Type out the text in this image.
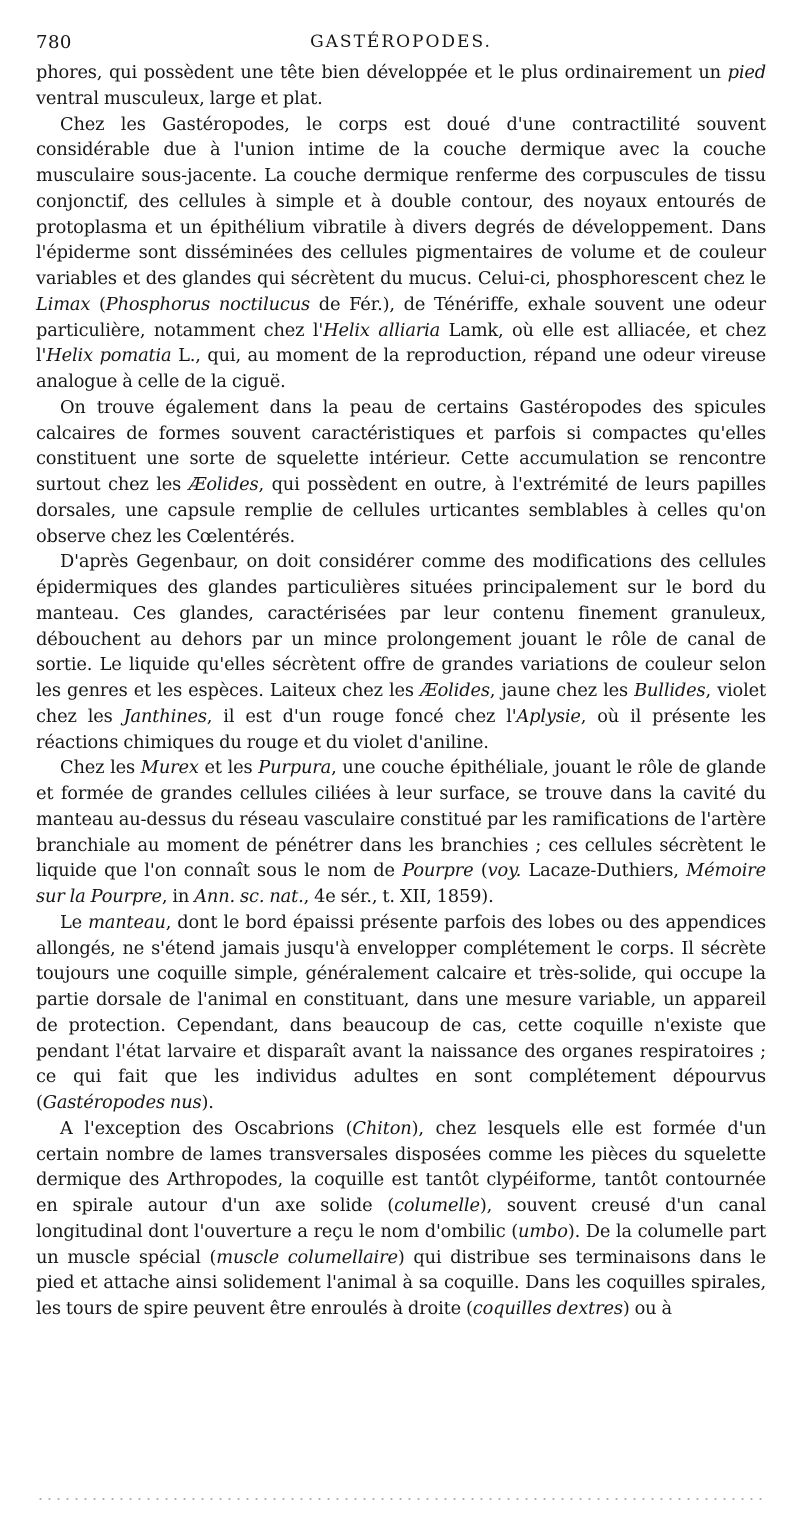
780	GASTÉROPODES.

phores, qui possèdent une tête bien développée et le plus ordinairement un pied ventral musculeux, large et plat.

Chez les Gastéropodes, le corps est doué d'une contractilité souvent considérable due à l'union intime de la couche dermique avec la couche musculaire sous-jacente. La couche dermique renferme des corpuscules de tissu conjonctif, des cellules à simple et à double contour, des noyaux entourés de protoplasma et un épithélium vibratile à divers degrés de développement. Dans l'épiderme sont disséminées des cellules pigmentaires de volume et de couleur variables et des glandes qui sécrètent du mucus. Celui-ci, phosphorescent chez le Limax (Phosphorus noctilucus de Fér.), de Ténériffe, exhale souvent une odeur particulière, notamment chez l'Helix alliaria Lamk, où elle est alliacée, et chez l'Helix pomatia L., qui, au moment de la reproduction, répand une odeur vireuse analogue à celle de la ciguë.

On trouve également dans la peau de certains Gastéropodes des spicules calcaires de formes souvent caractéristiques et parfois si compactes qu'elles constituent une sorte de squelette intérieur. Cette accumulation se rencontre surtout chez les Æolides, qui possèdent en outre, à l'extrémité de leurs papilles dorsales, une capsule remplie de cellules urticantes semblables à celles qu'on observe chez les Cœlentérés.

D'après Gegenbaur, on doit considérer comme des modifications des cellules épidermiques des glandes particulières situées principalement sur le bord du manteau. Ces glandes, caractérisées par leur contenu finement granuleux, débouchent au dehors par un mince prolongement jouant le rôle de canal de sortie. Le liquide qu'elles sécrètent offre de grandes variations de couleur selon les genres et les espèces. Laiteux chez les Æolides, jaune chez les Bullides, violet chez les Janthines, il est d'un rouge foncé chez l'Aplysie, où il présente les réactions chimiques du rouge et du violet d'aniline.

Chez les Murex et les Purpura, une couche épithéliale, jouant le rôle de glande et formée de grandes cellules ciliées à leur surface, se trouve dans la cavité du manteau au-dessus du réseau vasculaire constitué par les ramifications de l'artère branchiale au moment de pénétrer dans les branchies ; ces cellules sécrètent le liquide que l'on connaît sous le nom de Pourpre (voy. Lacaze-Duthiers, Mémoire sur la Pourpre, in Ann. sc. nat., 4e sér., t. XII, 1859).

Le manteau, dont le bord épaissi présente parfois des lobes ou des appendices allongés, ne s'étend jamais jusqu'à envelopper complétement le corps. Il sécrète toujours une coquille simple, généralement calcaire et très-solide, qui occupe la partie dorsale de l'animal en constituant, dans une mesure variable, un appareil de protection. Cependant, dans beaucoup de cas, cette coquille n'existe que pendant l'état larvaire et disparaît avant la naissance des organes respiratoires ; ce qui fait que les individus adultes en sont complétement dépourvus (Gastéropodes nus).

A l'exception des Oscabrions (Chiton), chez lesquels elle est formée d'un certain nombre de lames transversales disposées comme les pièces du squelette dermique des Arthropodes, la coquille est tantôt clypéiforme, tantôt contournée en spirale autour d'un axe solide (columelle), souvent creusé d'un canal longitudinal dont l'ouverture a reçu le nom d'ombilic (umbo). De la columelle part un muscle spécial (muscle columellaire) qui distribue ses terminaisons dans le pied et attache ainsi solidement l'animal à sa coquille. Dans les coquilles spirales, les tours de spire peuvent être enroulés à droite (coquilles dextres) ou à
